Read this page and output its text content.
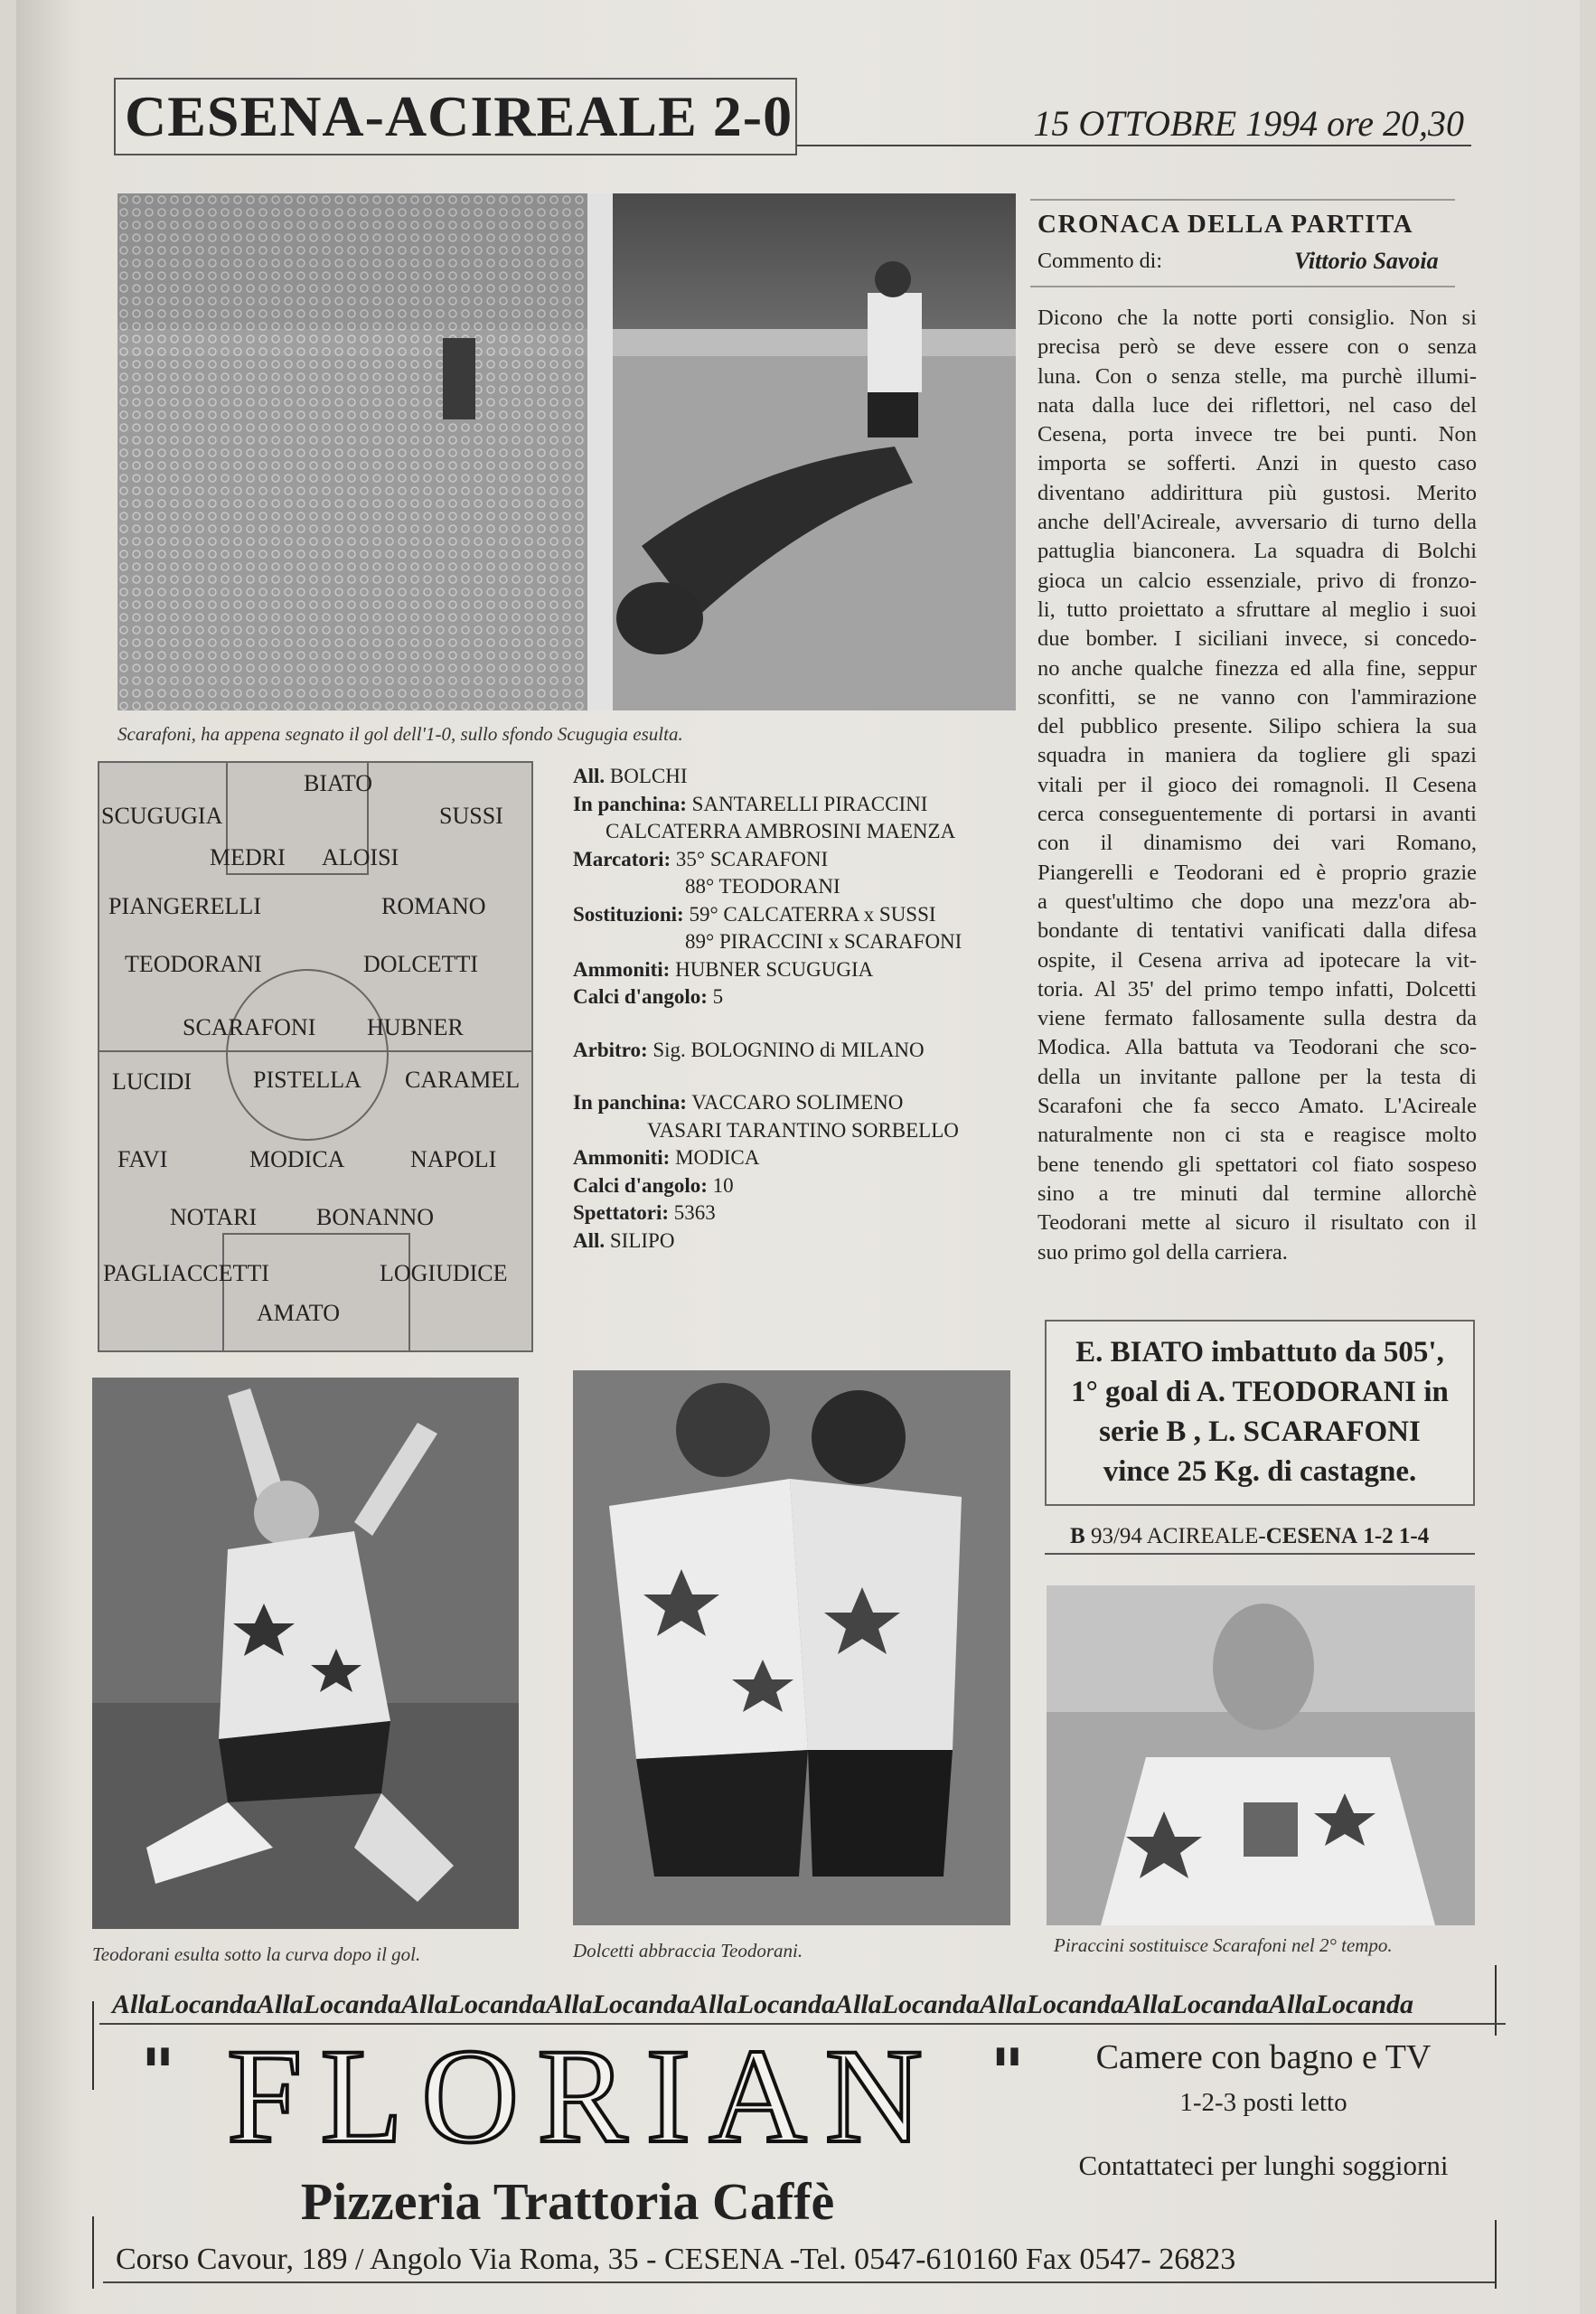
CESENA-ACIREALE 2-0	15 OTTOBRE 1994 ore 20,30
Scarafoni, ha appena segnato il gol dell'1-0, sullo sfondo Scugugia esulta.
CRONACA DELLA PARTITA
Commento di:	Vittorio Savoia
Dicono che la notte porti consiglio. Non si
precisa però se deve essere con o senza
luna. Con o senza stelle, ma purchè illumi-
nata dalla luce dei riflettori, nel caso del
Cesena, porta invece tre bei punti. Non
importa se sofferti. Anzi in questo caso
diventano addirittura più gustosi. Merito
anche dell'Acireale, avversario di turno della
pattuglia bianconera. La squadra di Bolchi
gioca un calcio essenziale, privo di fronzo-
li, tutto proiettato a sfruttare al meglio i suoi
due bomber. I siciliani invece, si concedo-
no anche qualche finezza ed alla fine, seppur
sconfitti, se ne vanno con l'ammirazione
del pubblico presente. Silipo schiera la sua
squadra in maniera da togliere gli spazi
vitali per il gioco dei romagnoli. Il Cesena
cerca conseguentemente di portarsi in avanti
con il dinamismo dei vari Romano,
Piangerelli e Teodorani ed è proprio grazie
a quest'ultimo che dopo una mezz'ora ab-
bondante di tentativi vanificati dalla difesa
ospite, il Cesena arriva ad ipotecare la vit-
toria. Al 35' del primo tempo infatti, Dolcetti
viene fermato fallosamente sulla destra da
Modica. Alla battuta va Teodorani che sco-
della un invitante pallone per la testa di
Scarafoni che fa secco Amato. L'Acireale
naturalmente non ci sta e reagisce molto
bene tenendo gli spettatori col fiato sospeso
sino a tre minuti dal termine allorchè
Teodorani mette al sicuro il risultato con il
suo primo gol della carriera.
BIATO
SCUGUGIA	SUSSI
MEDRI ALOISI
PIANGERELLI	ROMANO
TEODORANI	DOLCETTI
SCARAFONI HUBNER
LUCIDI	PISTELLA CARAMEL
FAVI	MODICA	NAPOLI
NOTARI	BONANNO
PAGLIACCETTI	LOGIUDICE
AMATO
All. BOLCHI
In panchina: SANTARELLI PIRACCINI
CALCATERRA AMBROSINI MAENZA
Marcatori: 35° SCARAFONI
88° TEODORANI
Sostituzioni: 59° CALCATERRA x SUSSI
89° PIRACCINI x SCARAFONI
Ammoniti: HUBNER SCUGUGIA
Calci d'angolo: 5
Arbitro: Sig. BOLOGNINO di MILANO
In panchina: VACCARO SOLIMENO
VASARI TARANTINO SORBELLO
Ammoniti: MODICA
Calci d'angolo: 10
Spettatori: 5363
All. SILIPO
E. BIATO imbattuto da 505',
1° goal di A. TEODORANI in
serie B , L. SCARAFONI
vince 25 Kg. di castagne.
B 93/94 ACIREALE-CESENA 1-2 1-4
Teodorani esulta sotto la curva dopo il gol.	Dolcetti abbraccia Teodorani.	Piraccini sostituisce Scarafoni nel 2° tempo.
AllaLocandaAllaLocandaAllaLocandaAllaLocandaAllaLocandaAllaLocandaAllaLocandaAllaLocandaAllaLocanda
" FLORIAN "
Pizzeria Trattoria Caffè
Camere con bagno e TV
1-2-3 posti letto
Contattateci per lunghi soggiorni
Corso Cavour, 189 / Angolo Via Roma, 35 - CESENA -Tel. 0547-610160 Fax 0547- 26823
